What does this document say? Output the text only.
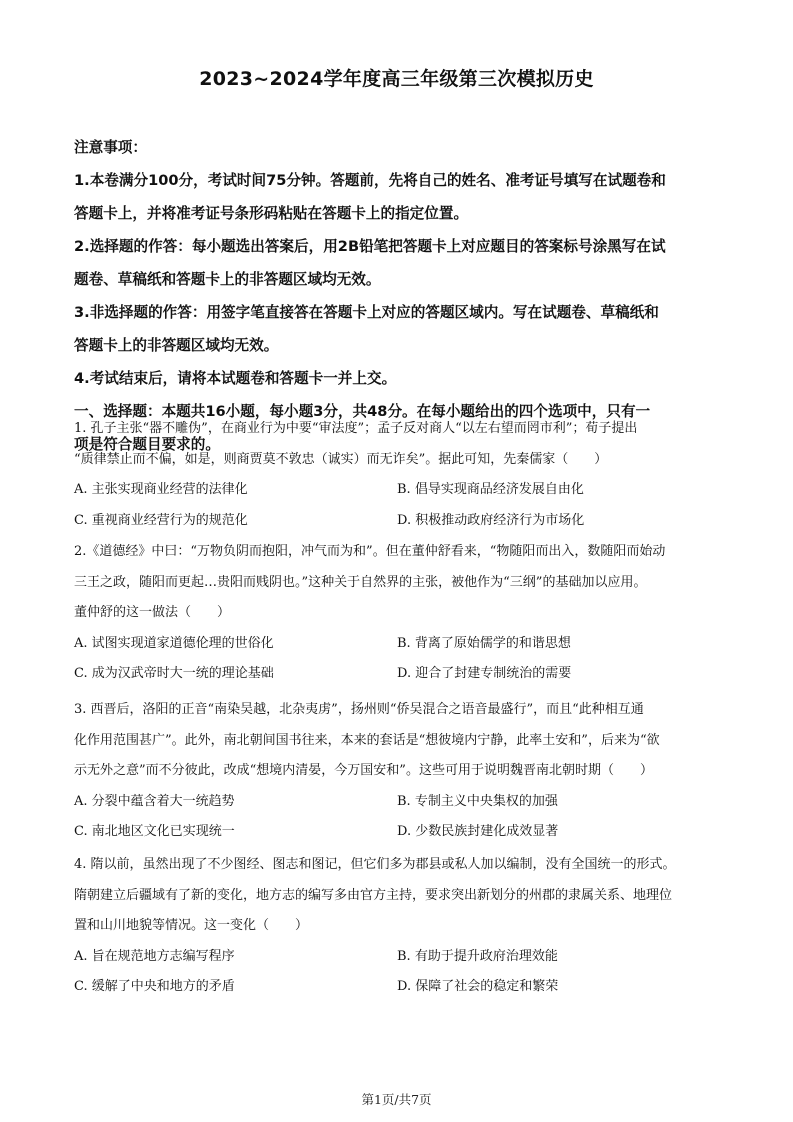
2023~2024学年度高三年级第三次模拟历史

注意事项：

1.本卷满分100分，考试时间75分钟。答题前，先将自己的姓名、准考证号填写在试题卷和

答题卡上，并将准考证号条形码粘贴在答题卡上的指定位置。

2.选择题的作答：每小题选出答案后，用2B铅笔把答题卡上对应题目的答案标号涂黑写在试

题卷、草稿纸和答题卡上的非答题区域均无效。

3.非选择题的作答：用签字笔直接答在答题卡上对应的答题区域内。写在试题卷、草稿纸和

答题卡上的非答题区域均无效。

4.考试结束后，请将本试题卷和答题卡一并上交。

一、选择题：本题共16小题，每小题3分，共48分。在每小题给出的四个选项中，只有一

项是符合题目要求的。

1. 孔子主张“器不雕伪”，在商业行为中要“审法度”；孟子反对商人“以左右望而罔市利”；荀子提出

“质律禁止而不偏，如是，则商贾莫不敦忠（诚实）而无诈矣”。据此可知，先秦儒家（　　）

A. 主张实现商业经营的法律化	B. 倡导实现商品经济发展自由化
C. 重视商业经营行为的规范化	D. 积极推动政府经济行为市场化

2.《道德经》中曰：“万物负阴而抱阳，冲气而为和”。但在董仲舒看来，“物随阳而出入，数随阳而始动

三王之政，随阳而更起…贵阳而贱阴也。”这种关于自然界的主张，被他作为“三纲”的基础加以应用。

董仲舒的这一做法（　　）

A. 试图实现道家道德伦理的世俗化	B. 背离了原始儒学的和谐思想
C. 成为汉武帝时大一统的理论基础	D. 迎合了封建专制统治的需要

3. 西晋后，洛阳的正音“南染吴越，北杂夷虏”，扬州则“侨吴混合之语音最盛行”，而且“此种相互通

化作用范围甚广”。此外，南北朝间国书往来，本来的套话是“想彼境内宁静，此率土安和”，后来为“欲

示无外之意”而不分彼此，改成“想境内清晏，今万国安和”。这些可用于说明魏晋南北朝时期（　　）

A. 分裂中蕴含着大一统趋势	B. 专制主义中央集权的加强
C. 南北地区文化已实现统一	D. 少数民族封建化成效显著

4. 隋以前，虽然出现了不少图经、图志和图记，但它们多为郡县或私人加以编制，没有全国统一的形式。

隋朝建立后疆域有了新的变化，地方志的编写多由官方主持，要求突出新划分的州郡的隶属关系、地理位

置和山川地貌等情况。这一变化（　　）

A. 旨在规范地方志编写程序	B. 有助于提升政府治理效能
C. 缓解了中央和地方的矛盾	D. 保障了社会的稳定和繁荣
第1页/共7页
